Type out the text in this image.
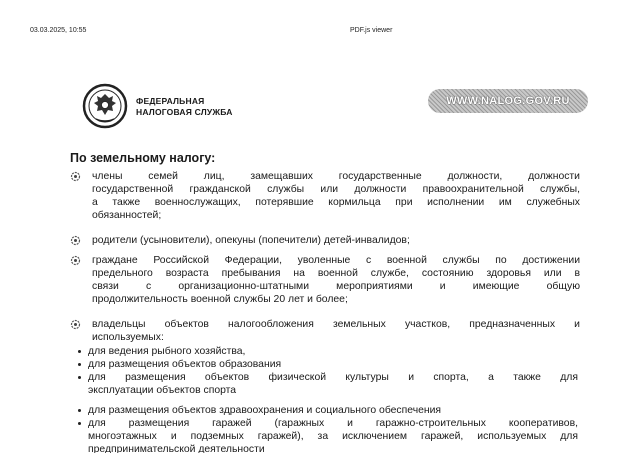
03.03.2025, 10:55	PDF.js viewer
ФЕДЕРАЛЬНАЯ
НАЛОГОВАЯ СЛУЖБА
WWW.NALOG.GOV.RU
По земельному налогу:
члены семей лиц, замещавших государственные должности, должности
государственной гражданской службы или должности правоохранительной службы,
а также военнослужащих, потерявшие кормильца при исполнении им служебных
обязанностей;
родители (усыновители), опекуны (попечители) детей-инвалидов;
граждане Российской Федерации, уволенные с военной службы по достижении
предельного возраста пребывания на военной службе, состоянию здоровья или в
связи с организационно-штатными мероприятиями и имеющие общую
продолжительность военной службы 20 лет и более;
владельцы объектов налогообложения земельных участков, предназначенных и
используемых:
для ведения рыбного хозяйства,
для размещения объектов образования
для размещения объектов физической культуры и спорта, а также для
эксплуатации объектов спорта
для размещения объектов здравоохранения и социального обеспечения
для размещения гаражей (гаражных и гаражно-строительных кооперативов,
многоэтажных и подземных гаражей), за исключением гаражей, используемых для
предпринимательской деятельности
